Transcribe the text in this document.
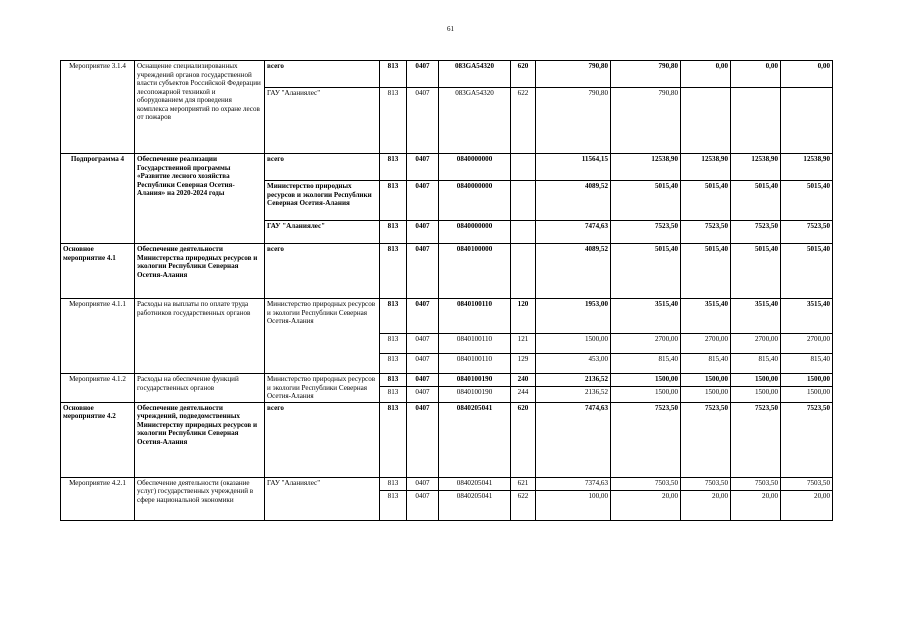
61
Мероприятие 3.1.4	Оснащение специализированных учреждений органов государственной власти субъектов Российской Федерации лесопожарной техникой и оборудованием для проведения комплекса мероприятий по охране лесов от пожаров	всего	813	0407	083GA54320	620	790,80	790,80	0,00	0,00	0,00
		ГАУ "Аланиялес"	813	0407	083GA54320	622	790,80	790,80			
Подпрограмма 4	Обеспечение реализации Государственной программы «Развитие лесного хозяйства Республики Северная Осетия-Алания» на 2020-2024 годы	всего	813	0407	0840000000		11564,15	12538,90	12538,90	12538,90	12538,90
		Министерство природных ресурсов и экологии Республики Северная Осетия-Алания	813	0407	0840000000		4089,52	5015,40	5015,40	5015,40	5015,40
		ГАУ "Аланиялес"	813	0407	0840000000		7474,63	7523,50	7523,50	7523,50	7523,50
Основное мероприятие 4.1	Обеспечение деятельности Министерства природных ресурсов и экологии Республики Северная Осетия-Алания	всего	813	0407	0840100000		4089,52	5015,40	5015,40	5015,40	5015,40
Мероприятие 4.1.1	Расходы на выплаты по оплате труда работников государственных органов	Министерство природных ресурсов и экологии Республики Северная Осетия-Алания	813	0407	0840100110	120	1953,00	3515,40	3515,40	3515,40	3515,40
			813	0407	0840100110	121	1500,00	2700,00	2700,00	2700,00	2700,00
			813	0407	0840100110	129	453,00	815,40	815,40	815,40	815,40
Мероприятие 4.1.2	Расходы на обеспечение функций государственных органов	Министерство природных ресурсов и экологии Республики Северная Осетия-Алания	813	0407	0840100190	240	2136,52	1500,00	1500,00	1500,00	1500,00
			813	0407	0840100190	244	2136,52	1500,00	1500,00	1500,00	1500,00
Основное мероприятие 4.2	Обеспечение деятельности учреждений, подведомственных Министерству природных ресурсов и экологии Республики Северная Осетия-Алания	всего	813	0407	0840205041	620	7474,63	7523,50	7523,50	7523,50	7523,50
Мероприятие 4.2.1	Обеспечение деятельности (оказание услуг) государственных учреждений в сфере национальной экономики	ГАУ "Аланиялес"	813	0407	0840205041	621	7374,63	7503,50	7503,50	7503,50	7503,50
			813	0407	0840205041	622	100,00	20,00	20,00	20,00	20,00
